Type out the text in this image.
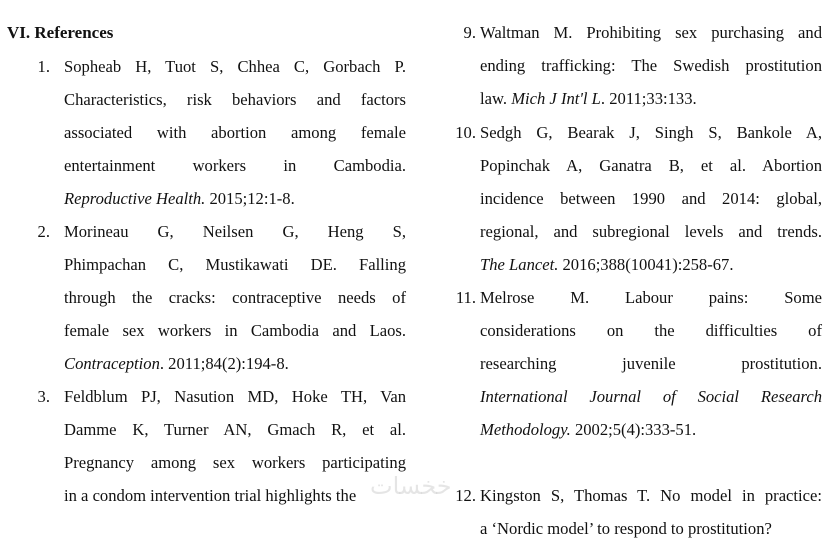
VI. References
1. Sopheab H, Tuot S, Chhea C, Gorbach P.
Characteristics, risk behaviors and factors
associated with abortion among female
entertainment workers in Cambodia.
Reproductive Health. 2015;12:1-8.
2. Morineau G, Neilsen G, Heng S,
Phimpachan C, Mustikawati DE. Falling
through the cracks: contraceptive needs of
female sex workers in Cambodia and Laos.
Contraception. 2011;84(2):194-8.
3. Feldblum PJ, Nasution MD, Hoke TH, Van
Damme K, Turner AN, Gmach R, et al.
Pregnancy among sex workers participating
in a condom intervention trial highlights the
9. Waltman M. Prohibiting sex purchasing and
ending trafficking: The Swedish prostitution
law. Mich J Int'l L. 2011;33:133.
10. Sedgh G, Bearak J, Singh S, Bankole A,
Popinchak A, Ganatra B, et al. Abortion
incidence between 1990 and 2014: global,
regional, and subregional levels and trends.
The Lancet. 2016;388(10041):258-67.
11. Melrose M. Labour pains: Some
considerations on the difficulties of
researching juvenile prostitution.
International Journal of Social Research
Methodology. 2002;5(4):333-51.
12. Kingston S, Thomas T. No model in practice:
a ‘Nordic model’ to respond to prostitution?
خخسات
